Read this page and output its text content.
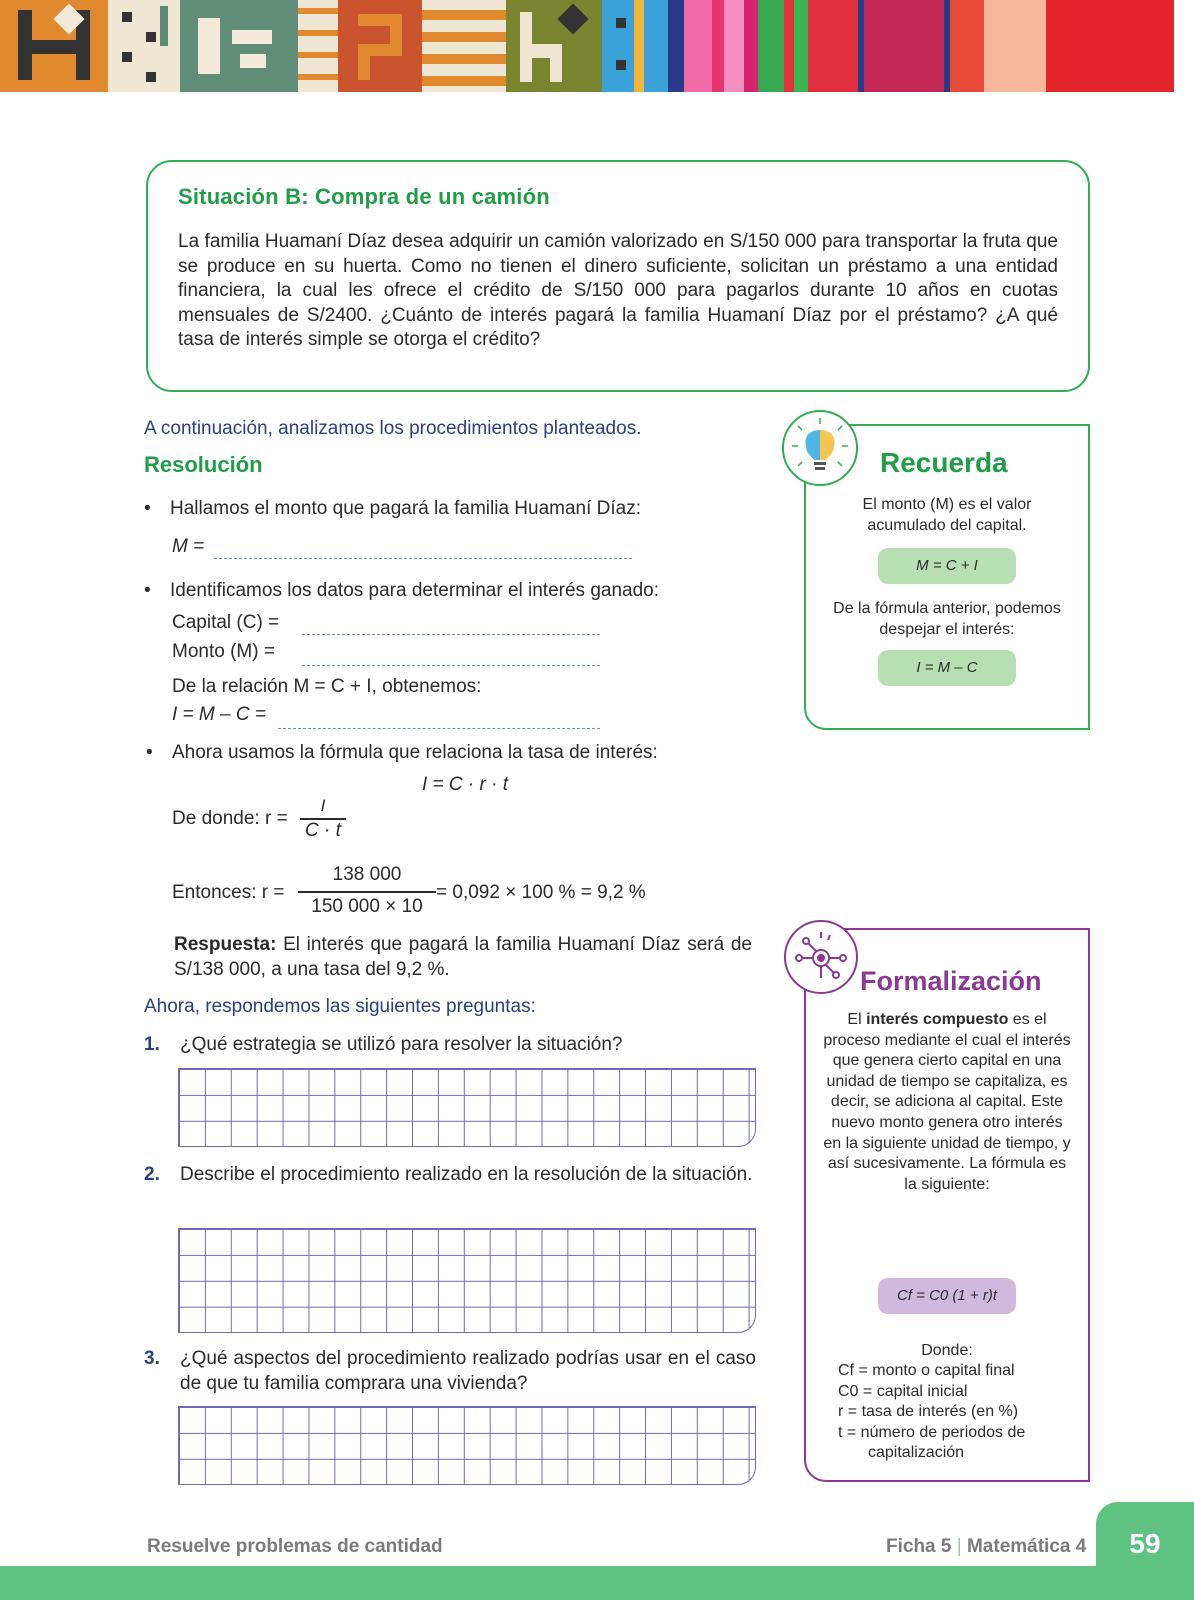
Situación B: Compra de un camión

La familia Huamaní Díaz desea adquirir un camión valorizado en S/150 000 para transportar la fruta que se produce en su huerta. Como no tienen el dinero suficiente, solicitan un préstamo a una entidad financiera, la cual les ofrece el crédito de S/150 000 para pagarlos durante 10 años en cuotas mensuales de S/2400. ¿Cuánto de interés pagará la familia Huamaní Díaz por el préstamo? ¿A qué tasa de interés simple se otorga el crédito?

A continuación, analizamos los procedimientos planteados.
Resolución
• Hallamos el monto que pagará la familia Huamaní Díaz:
M =
• Identificamos los datos para determinar el interés ganado:
Capital (C) =
Monto (M) =
De la relación M = C + I, obtenemos:
I = M – C =
• Ahora usamos la fórmula que relaciona la tasa de interés:
I = C · r · t
De donde: r =
I
C · t
Entonces: r =
138 000
150 000 × 10
= 0,092 × 100 % = 9,2 %
Respuesta: El interés que pagará la familia Huamaní Díaz será de S/138 000, a una tasa del 9,2 %.
Ahora, respondemos las siguientes preguntas:
1. ¿Qué estrategia se utilizó para resolver la situación?
2. Describe el procedimiento realizado en la resolución de la situación.
3. ¿Qué aspectos del procedimiento realizado podrías usar en el caso de que tu familia comprara una vivienda?
Recuerda
El monto (M) es el valor acumulado del capital.
M = C + I
De la fórmula anterior, podemos despejar el interés:
I = M – C
Formalización
El interés compuesto es el proceso mediante el cual el interés que genera cierto capital en una unidad de tiempo se capitaliza, es decir, se adiciona al capital. Este nuevo monto genera otro interés en la siguiente unidad de tiempo, y así sucesivamente. La fórmula es la siguiente:
Cf = C0 (1 + r)t
Donde:
Cf = monto o capital final
C0 = capital inicial
r = tasa de interés (en %)
t = número de periodos de
capitalización
Resuelve problemas de cantidad	Ficha 5 | Matemática 4	59
